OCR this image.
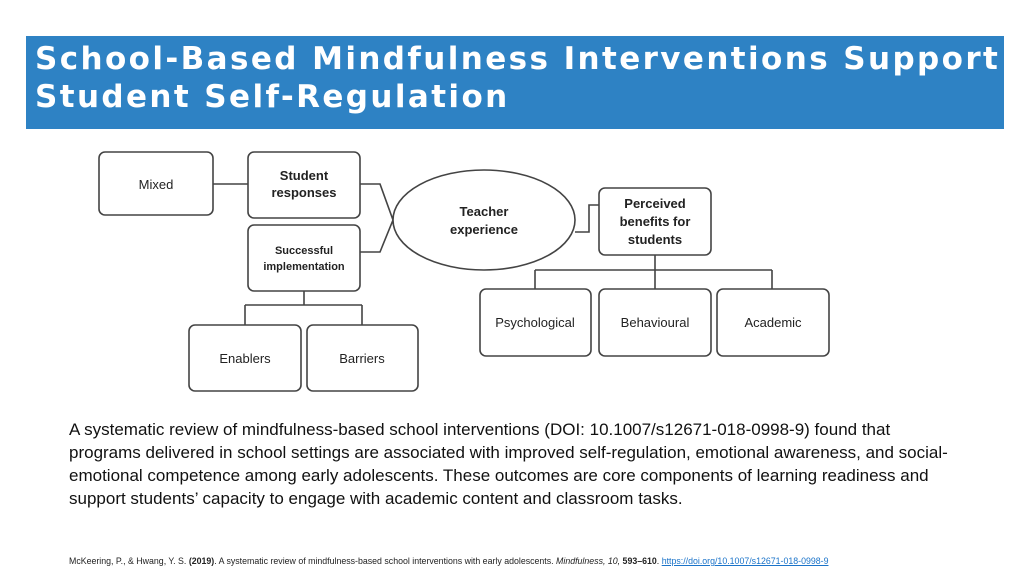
School-Based Mindfulness Interventions Support
Student Self-Regulation
Mixed
Student
responses
Successful
implementation
Enablers	Barriers
Teacher
experience
Perceived
benefits for
students
Psychological	Behavioural	Academic
A systematic review of mindfulness-based school interventions (DOI: 10.1007/s12671-018-0998-9) found that programs delivered in school settings are associated with improved self-regulation, emotional awareness, and social-emotional competence among early adolescents. These outcomes are core components of learning readiness and support students’ capacity to engage with academic content and classroom tasks.
McKeering, P., & Hwang, Y. S. (2019). A systematic review of mindfulness-based school interventions with early adolescents. Mindfulness, 10, 593–610. https://doi.org/10.1007/s12671-018-0998-9
